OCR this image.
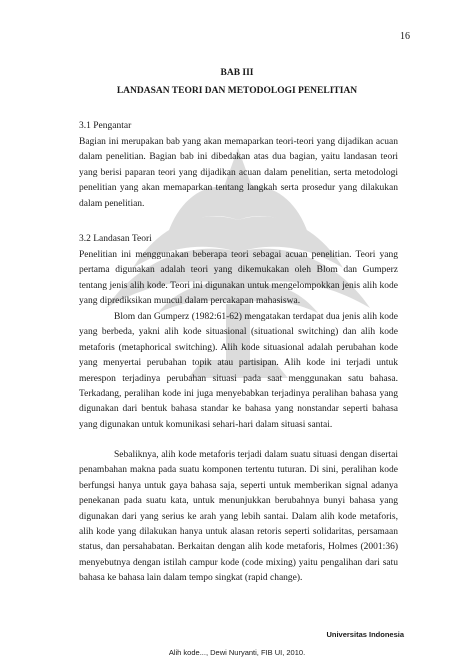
16
BAB III
LANDASAN TEORI DAN METODOLOGI PENELITIAN
3.1 Pengantar

Bagian ini merupakan bab yang akan memaparkan teori-teori yang dijadikan acuan dalam penelitian. Bagian bab ini dibedakan atas dua bagian, yaitu landasan teori yang berisi paparan teori yang dijadikan acuan dalam penelitian, serta metodologi penelitian yang akan memaparkan tentang langkah serta prosedur yang dilakukan dalam penelitian.

3.2 Landasan Teori

Penelitian ini menggunakan beberapa teori sebagai acuan penelitian. Teori yang pertama digunakan adalah teori yang dikemukakan oleh Blom dan Gumperz tentang jenis alih kode. Teori ini digunakan untuk mengelompokkan jenis alih kode yang diprediksikan muncul dalam percakapan mahasiswa.

Blom dan Gumperz (1982:61-62) mengatakan terdapat dua jenis alih kode yang berbeda, yakni alih kode situasional (situational switching) dan alih kode metaforis (metaphorical switching). Alih kode situasional adalah perubahan kode yang menyertai perubahan topik atau partisipan. Alih kode ini terjadi untuk merespon terjadinya perubahan situasi pada saat menggunakan satu bahasa. Terkadang, peralihan kode ini juga menyebabkan terjadinya peralihan bahasa yang digunakan dari bentuk bahasa standar ke bahasa yang nonstandar seperti bahasa yang digunakan untuk komunikasi sehari-hari dalam situasi santai.

Sebaliknya, alih kode metaforis terjadi dalam suatu situasi dengan disertai penambahan makna pada suatu komponen tertentu tuturan. Di sini, peralihan kode berfungsi hanya untuk gaya bahasa saja, seperti untuk memberikan signal adanya penekanan pada suatu kata, untuk menunjukkan berubahnya bunyi bahasa yang digunakan dari yang serius ke arah yang lebih santai. Dalam alih kode metaforis, alih kode yang dilakukan hanya untuk alasan retoris seperti solidaritas, persamaan status, dan persahabatan. Berkaitan dengan alih kode metaforis, Holmes (2001:36) menyebutnya dengan istilah campur kode (code mixing) yaitu pengalihan dari satu bahasa ke bahasa lain dalam tempo singkat (rapid change).

Universitas Indonesia
Alih kode..., Dewi Nuryanti, FIB UI, 2010.
